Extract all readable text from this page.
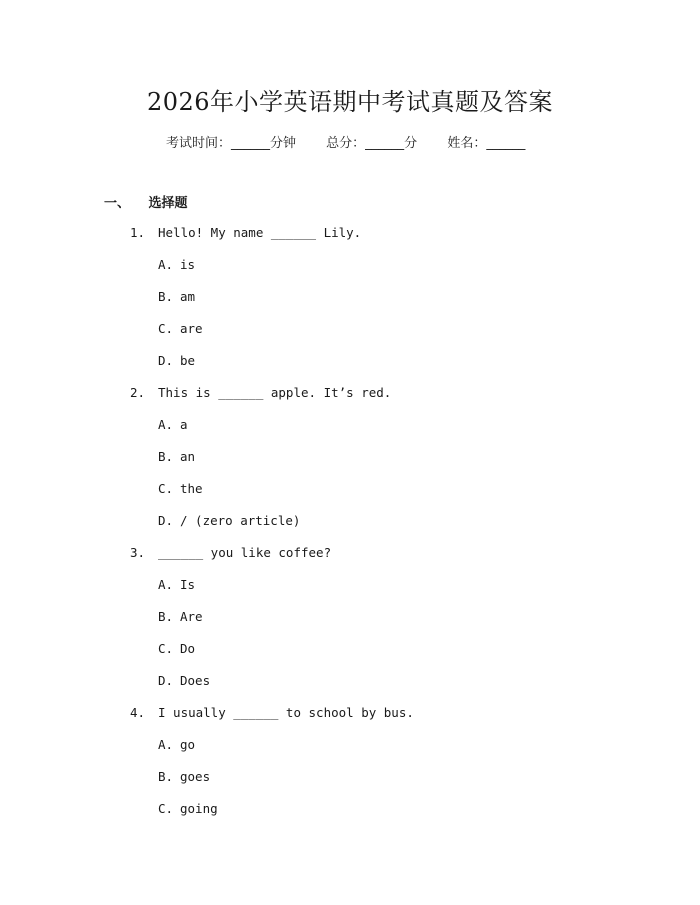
2026年小学英语期中考试真题及答案
考试时间：______分钟 总分：______分 姓名：______
一、 选择题
1. Hello! My name ______ Lily.
A. is
B. am
C. are
D. be
2. This is ______ apple. It’s red.
A. a
B. an
C. the
D. / (zero article)
3. ______ you like coffee?
A. Is
B. Are
C. Do
D. Does
4. I usually ______ to school by bus.
A. go
B. goes
C. going
